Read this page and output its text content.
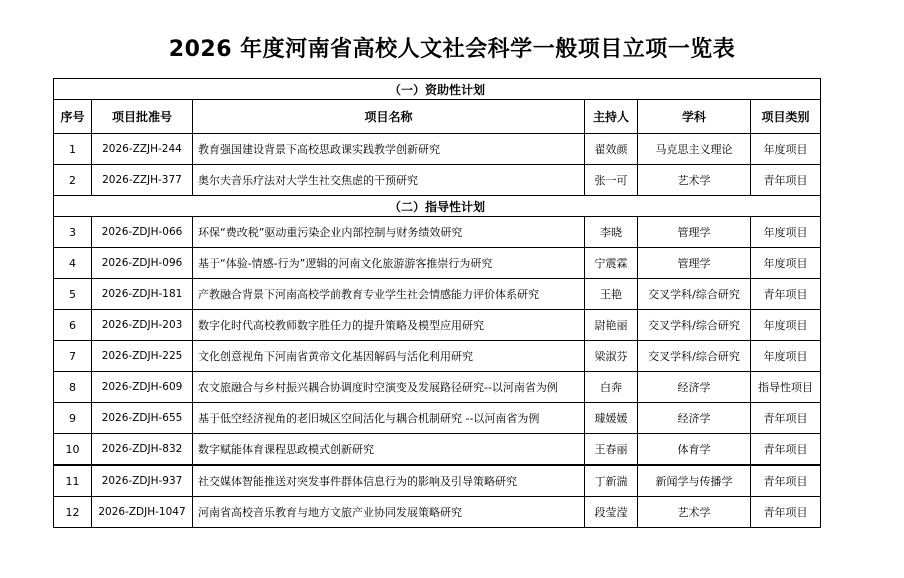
2026 年度河南省高校人文社会科学一般项目立项一览表
（一）资助性计划					
序号	项目批准号	项目名称	主持人	学科	项目类别
1	2026-ZZJH-244	教育强国建设背景下高校思政课实践教学创新研究	翟效颜	马克思主义理论	年度项目
2	2026-ZZJH-377	奥尔夫音乐疗法对大学生社交焦虑的干预研究	张一可	艺术学	青年项目
（二）指导性计划					
3	2026-ZDJH-066	环保“费改税”驱动重污染企业内部控制与财务绩效研究	李晓	管理学	年度项目
4	2026-ZDJH-096	基于“体验-情感-行为”逻辑的河南文化旅游游客推崇行为研究	宁震霖	管理学	年度项目
5	2026-ZDJH-181	产教融合背景下河南高校学前教育专业学生社会情感能力评价体系研究	王艳	交叉学科/综合研究	青年项目
6	2026-ZDJH-203	数字化时代高校教师数字胜任力的提升策略及模型应用研究	尉艳丽	交叉学科/综合研究	年度项目
7	2026-ZDJH-225	文化创意视角下河南省黄帝文化基因解码与活化利用研究	梁淑芬	交叉学科/综合研究	年度项目
8	2026-ZDJH-609	农文旅融合与乡村振兴耦合协调度时空演变及发展路径研究--以河南省为例	白奔	经济学	指导性项目
9	2026-ZDJH-655	基于低空经济视角的老旧城区空间活化与耦合机制研究 --以河南省为例	璩媛媛	经济学	青年项目
10	2026-ZDJH-832	数字赋能体育课程思政模式创新研究	王春丽	体育学	青年项目
11	2026-ZDJH-937	社交媒体智能推送对突发事件群体信息行为的影响及引导策略研究	丁新湍	新闻学与传播学	青年项目
12	2026-ZDJH-1047	河南省高校音乐教育与地方文旅产业协同发展策略研究	段莹滢	艺术学	青年项目
